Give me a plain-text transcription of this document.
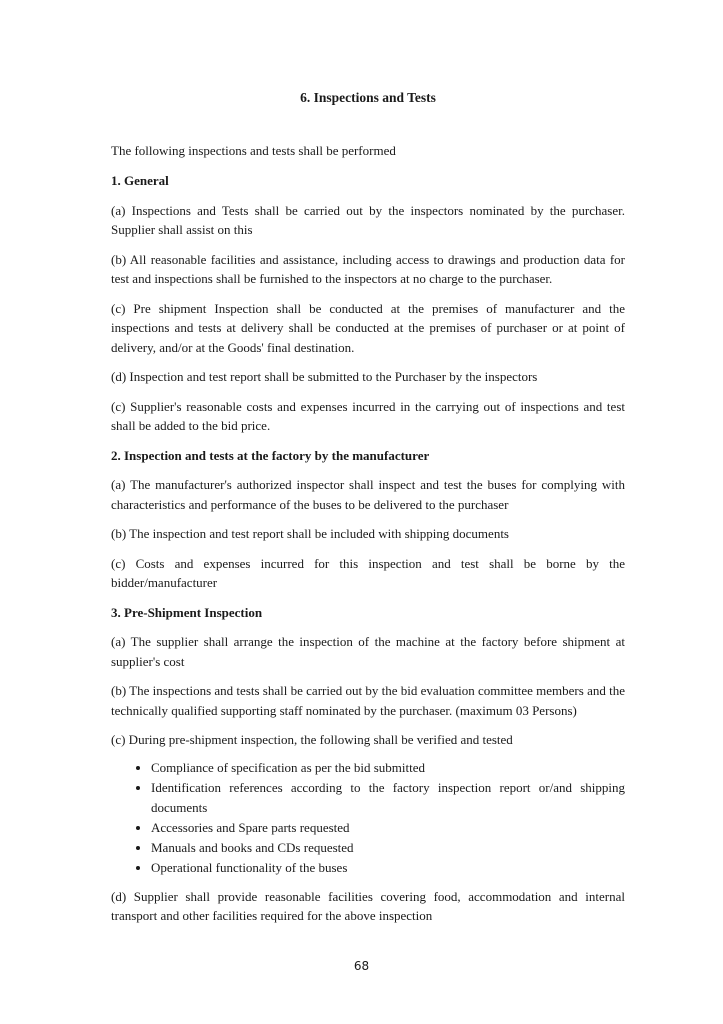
6. Inspections and Tests
The following inspections and tests shall be performed
1. General

(a) Inspections and Tests shall be carried out by the inspectors nominated by the purchaser. Supplier shall assist on this

(b) All reasonable facilities and assistance, including access to drawings and production data for test and inspections shall be furnished to the inspectors at no charge to the purchaser.

(c) Pre shipment Inspection shall be conducted at the premises of manufacturer and the inspections and tests at delivery shall be conducted at the premises of purchaser or at point of delivery, and/or at the Goods' final destination.

(d) Inspection and test report shall be submitted to the Purchaser by the inspectors

(c) Supplier's reasonable costs and expenses incurred in the carrying out of inspections and test shall be added to the bid price.

2. Inspection and tests at the factory by the manufacturer

(a) The manufacturer's authorized inspector shall inspect and test the buses for complying with characteristics and performance of the buses to be delivered to the purchaser

(b) The inspection and test report shall be included with shipping documents

(c) Costs and expenses incurred for this inspection and test shall be borne by the bidder/manufacturer

3. Pre-Shipment Inspection

(a) The supplier shall arrange the inspection of the machine at the factory before shipment at supplier's cost

(b) The inspections and tests shall be carried out by the bid evaluation committee members and the technically qualified supporting staff nominated by the purchaser. (maximum 03 Persons)

(c) During pre-shipment inspection, the following shall be verified and tested

• Compliance of specification as per the bid submitted
• Identification references according to the factory inspection report or/and shipping documents
• Accessories and Spare parts requested
• Manuals and books and CDs requested
• Operational functionality of the buses

(d) Supplier shall provide reasonable facilities covering food, accommodation and internal transport and other facilities required for the above inspection

68
